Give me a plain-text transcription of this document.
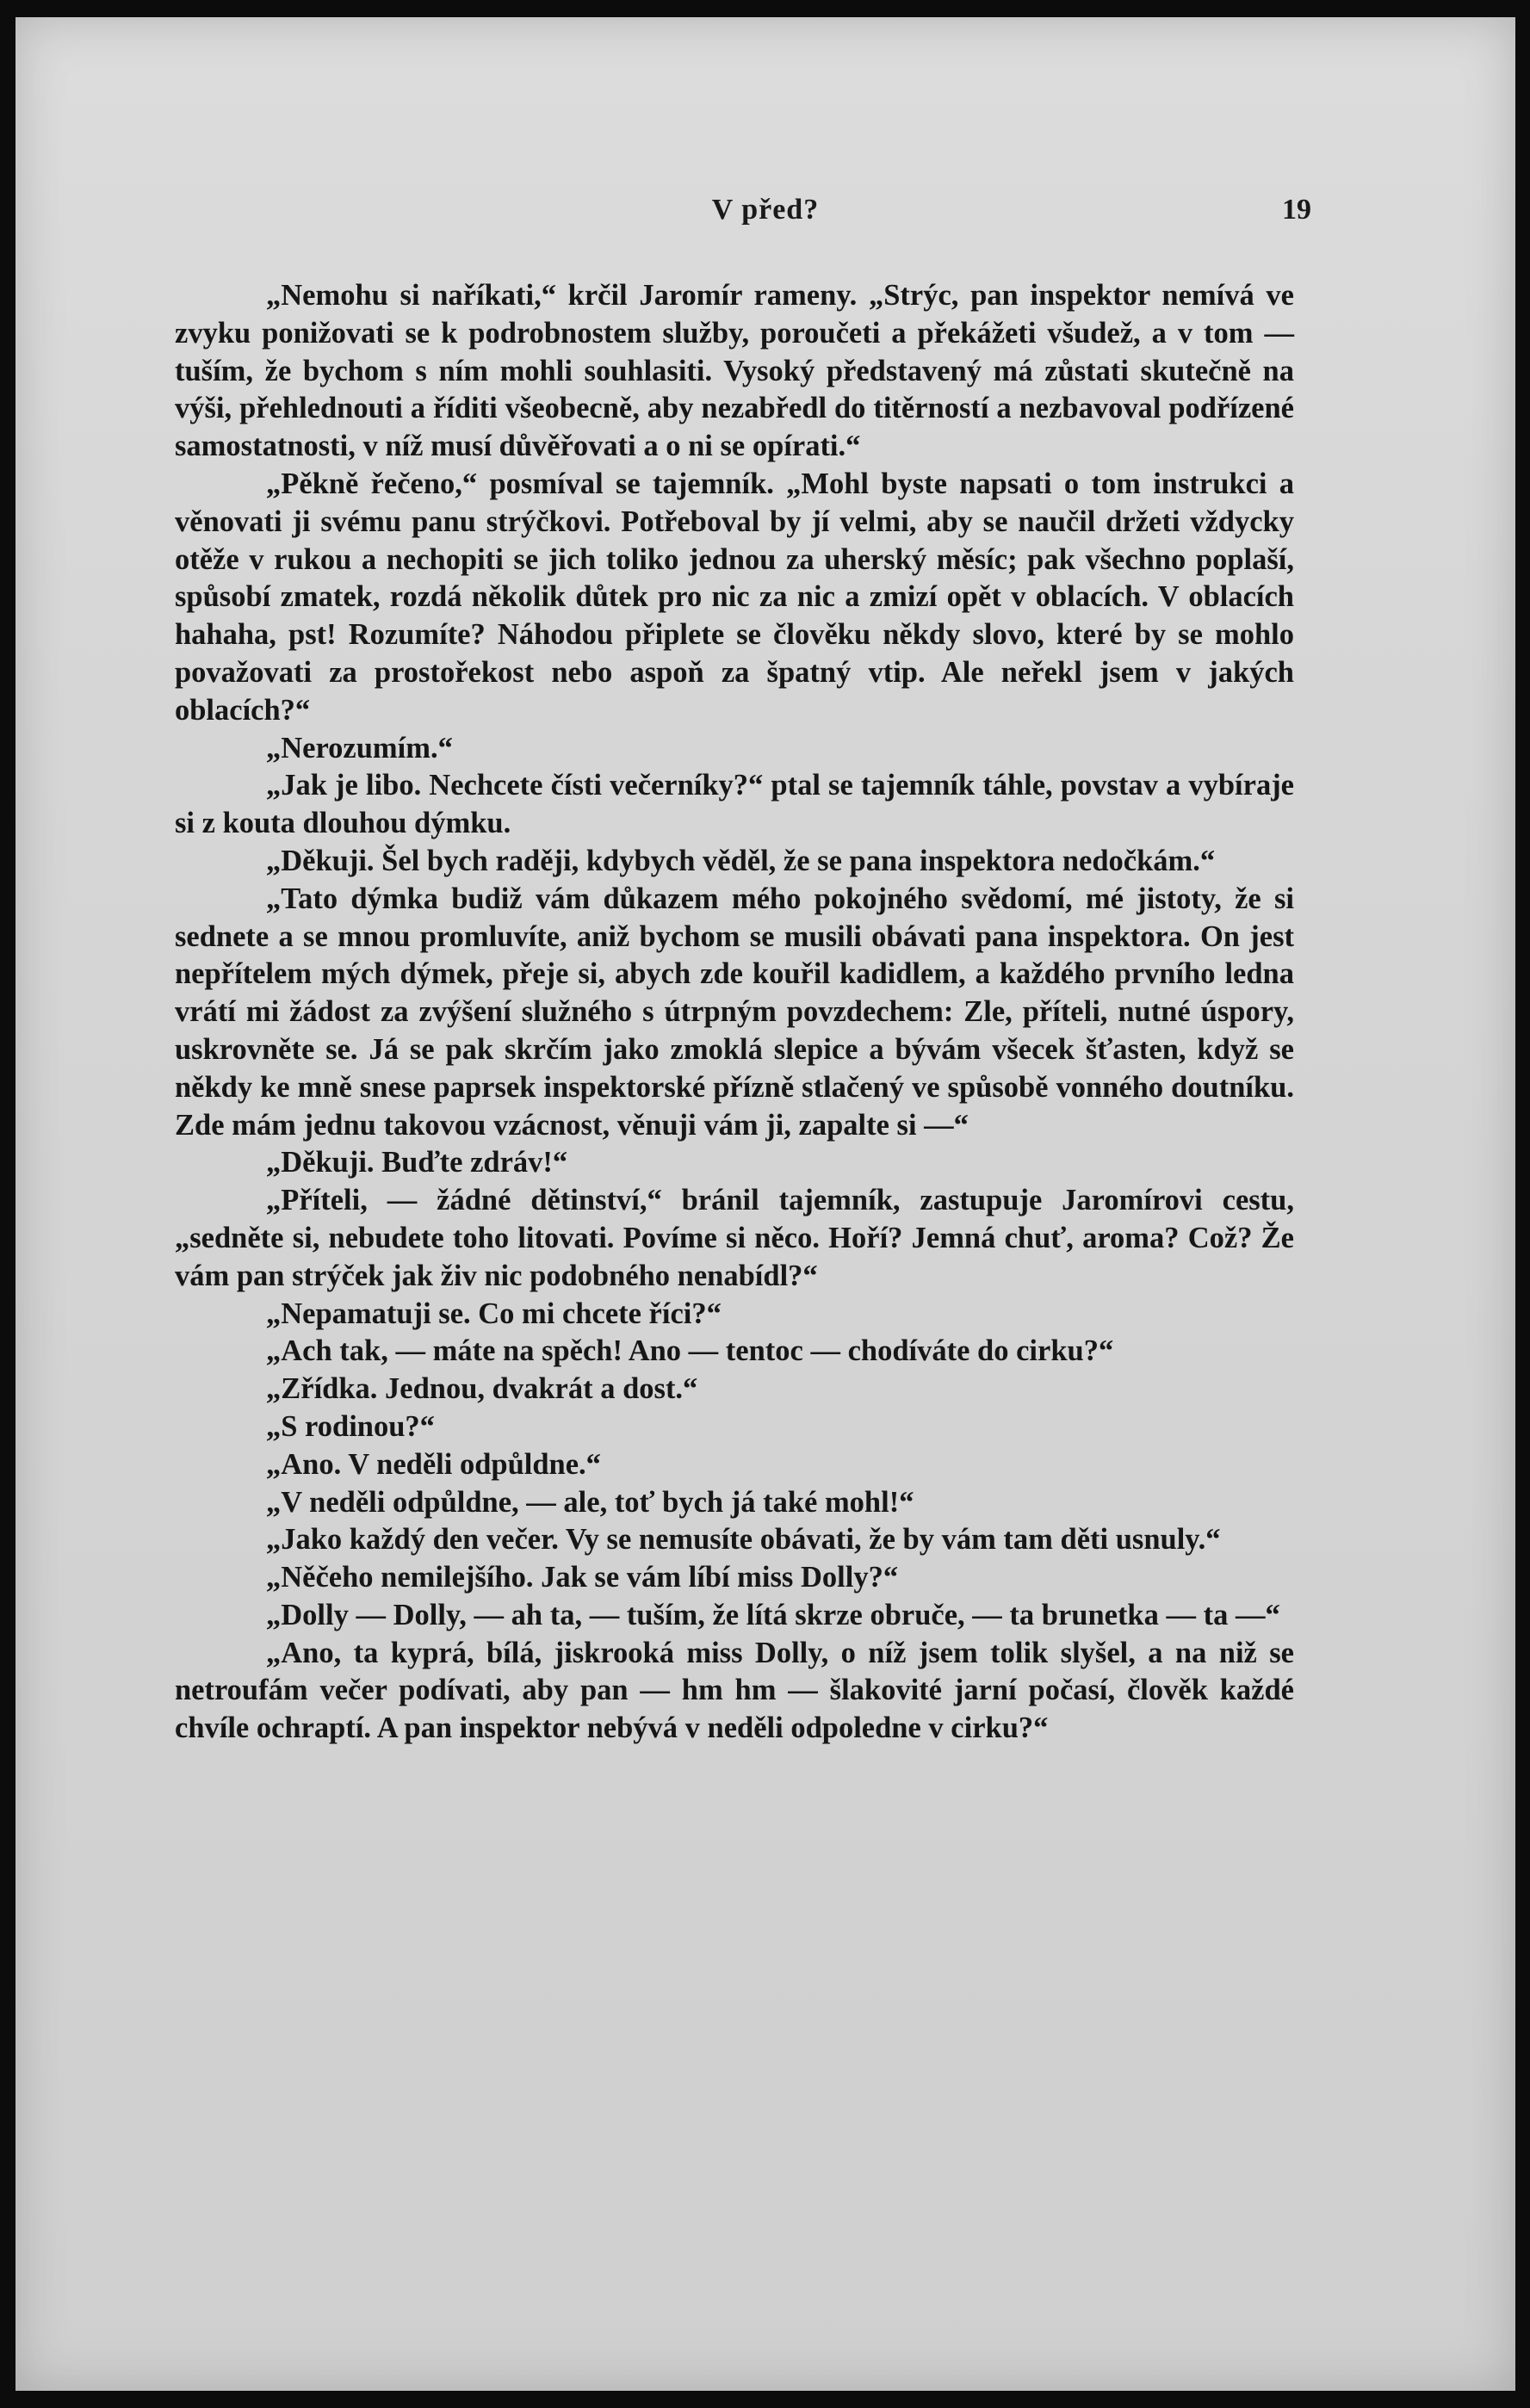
V před?	19

„Nemohu si naříkati,“ krčil Jaromír rameny. „Strýc, pan inspektor nemívá ve zvyku ponižovati se k podrobnostem služby, poroučeti a překážeti všudež, a v tom — tuším, že bychom s ním mohli souhlasiti. Vysoký představený má zůstati skutečně na výši, přehlednouti a říditi všeobecně, aby nezabředl do titěrností a nezbavoval podřízené samostatnosti, v níž musí důvěřovati a o ni se opírati.“

„Pěkně řečeno,“ posmíval se tajemník. „Mohl byste napsati o tom instrukci a věnovati ji svému panu strýčkovi. Potřeboval by jí velmi, aby se naučil držeti vždycky otěže v rukou a nechopiti se jich toliko jednou za uherský měsíc; pak všechno poplaší, spůsobí zmatek, rozdá několik důtek pro nic za nic a zmizí opět v oblacích. V oblacích hahaha, pst! Rozumíte? Náhodou připlete se člověku někdy slovo, které by se mohlo považovati za prostořekost nebo aspoň za špatný vtip. Ale neřekl jsem v jakých oblacích?“

„Nerozumím.“

„Jak je libo. Nechcete čísti večerníky?“ ptal se tajemník táhle, povstav a vybíraje si z kouta dlouhou dýmku.

„Děkuji. Šel bych raději, kdybych věděl, že se pana inspektora nedočkám.“

„Tato dýmka budiž vám důkazem mého pokojného svědomí, mé jistoty, že si sednete a se mnou promluvíte, aniž bychom se musili obávati pana inspektora. On jest nepřítelem mých dýmek, přeje si, abych zde kouřil kadidlem, a každého prvního ledna vrátí mi žádost za zvýšení služného s útrpným povzdechem: Zle, příteli, nutné úspory, uskrovněte se. Já se pak skrčím jako zmoklá slepice a bývám všecek šťasten, když se někdy ke mně snese paprsek inspektorské přízně stlačený ve spůsobě vonného doutníku. Zde mám jednu takovou vzácnost, věnuji vám ji, zapalte si —“

„Děkuji. Buďte zdráv!“

„Příteli, — žádné dětinství,“ bránil tajemník, zastupuje Jaromírovi cestu, „sedněte si, nebudete toho litovati. Povíme si něco. Hoří? Jemná chuť, aroma? Což? Že vám pan strýček jak živ nic podobného nenabídl?“

„Nepamatuji se. Co mi chcete říci?“

„Ach tak, — máte na spěch! Ano — tentoc — chodíváte do cirku?“

„Zřídka. Jednou, dvakrát a dost.“

„S rodinou?“

„Ano. V neděli odpůldne.“

„V neděli odpůldne, — ale, toť bych já také mohl!“

„Jako každý den večer. Vy se nemusíte obávati, že by vám tam děti usnuly.“

„Něčeho nemilejšího. Jak se vám líbí miss Dolly?“

„Dolly — Dolly, — ah ta, — tuším, že lítá skrze obruče, — ta brunetka — ta —“

„Ano, ta kyprá, bílá, jiskrooká miss Dolly, o níž jsem tolik slyšel, a na niž se netroufám večer podívati, aby pan — hm hm — šlakovité jarní počasí, člověk každé chvíle ochraptí. A pan inspektor nebývá v neděli odpoledne v cirku?“
